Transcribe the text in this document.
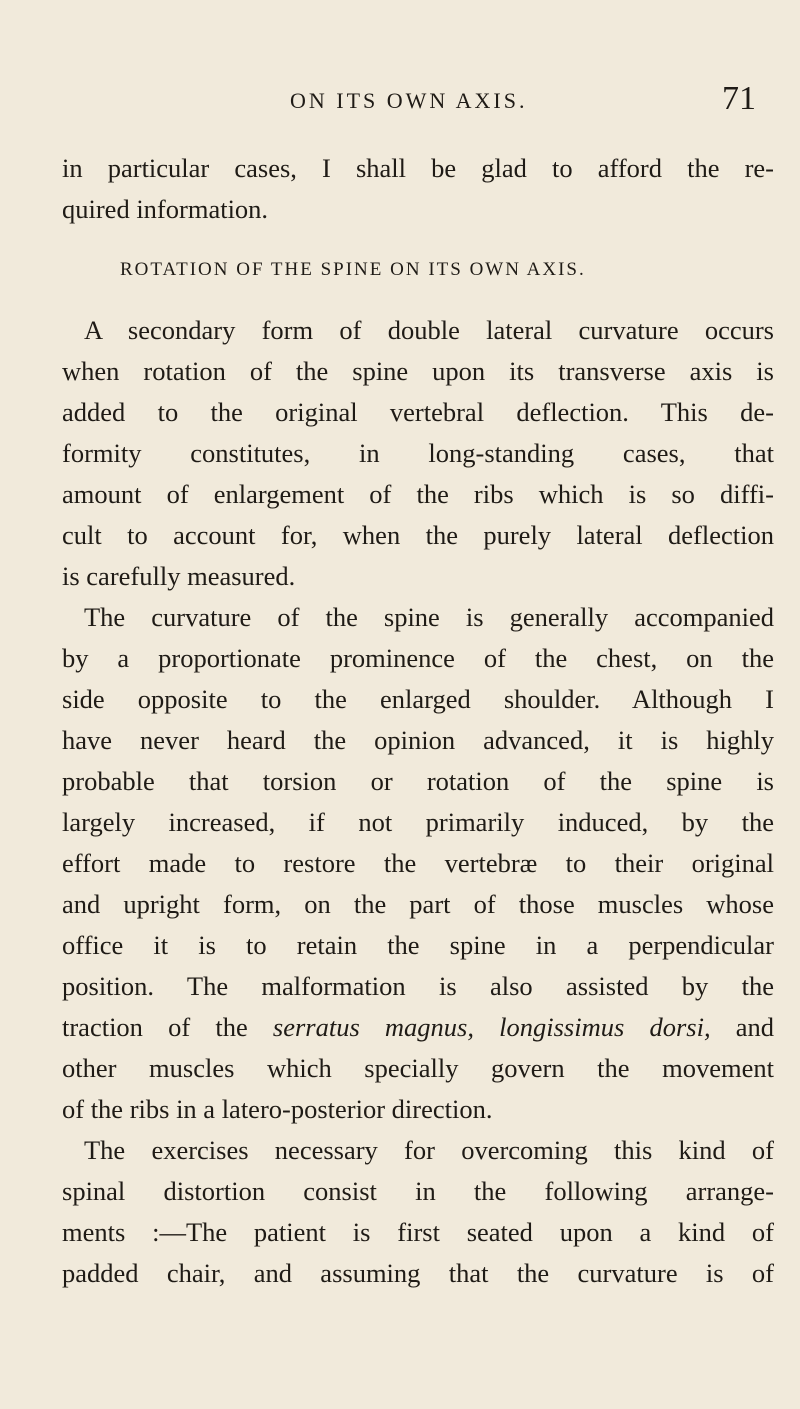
ON ITS OWN AXIS.	71
in particular cases, I shall be glad to afford the re-
quired information.
ROTATION OF THE SPINE ON ITS OWN AXIS.
A secondary form of double lateral curvature occurs
when rotation of the spine upon its transverse axis is
added to the original vertebral deflection. This de-
formity constitutes, in long-standing cases, that
amount of enlargement of the ribs which is so diffi-
cult to account for, when the purely lateral deflection
is carefully measured.
The curvature of the spine is generally accompanied
by a proportionate prominence of the chest, on the
side opposite to the enlarged shoulder. Although I
have never heard the opinion advanced, it is highly
probable that torsion or rotation of the spine is
largely increased, if not primarily induced, by the
effort made to restore the vertebræ to their original
and upright form, on the part of those muscles whose
office it is to retain the spine in a perpendicular
position. The malformation is also assisted by the
traction of the serratus magnus, longissimus dorsi, and
other muscles which specially govern the movement
of the ribs in a latero-posterior direction.
The exercises necessary for overcoming this kind of
spinal distortion consist in the following arrange-
ments :—The patient is first seated upon a kind of
padded chair, and assuming that the curvature is of
